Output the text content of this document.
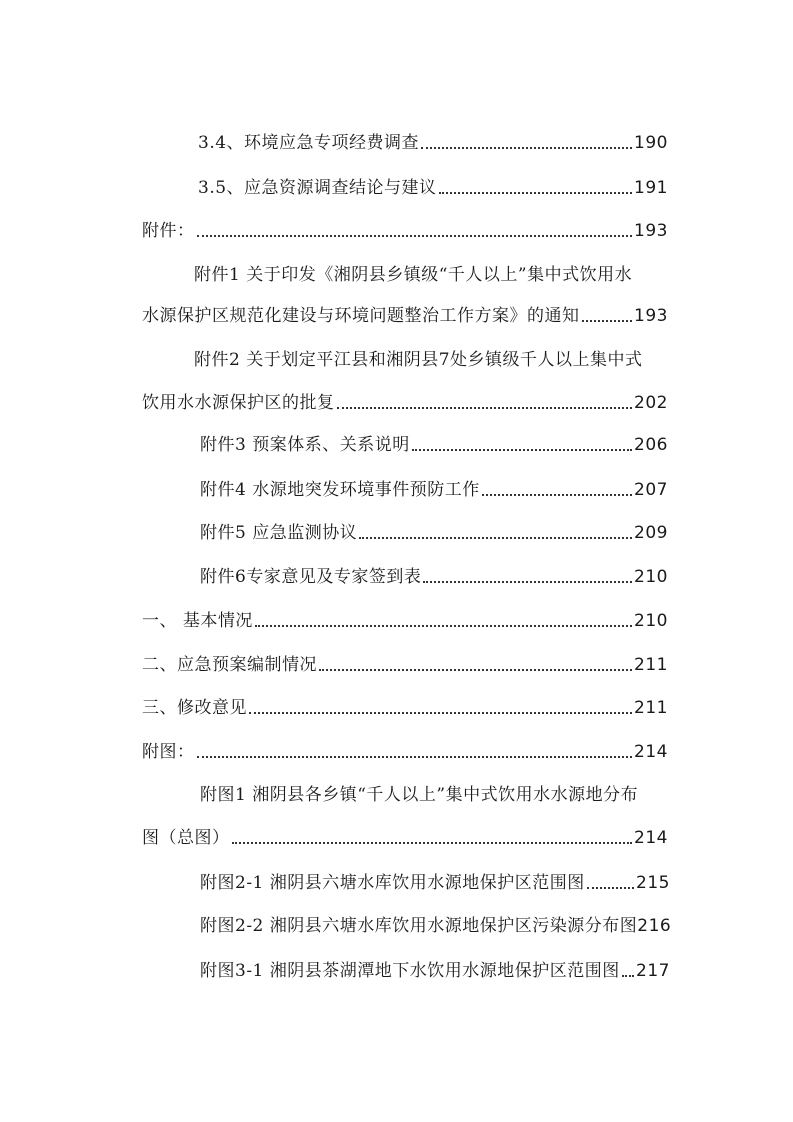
3.4、环境应急专项经费调查	190
3.5、应急资源调查结论与建议	191
附件：	193
附件1 关于印发《湘阴县乡镇级“千人以上”集中式饮用水
水源保护区规范化建设与环境问题整治工作方案》的通知	193
附件2 关于划定平江县和湘阴县7处乡镇级千人以上集中式
饮用水水源保护区的批复	202
附件3 预案体系、关系说明	206
附件4 水源地突发环境事件预防工作	207
附件5 应急监测协议	209
附件6专家意见及专家签到表	210
一、 基本情况	210
二、应急预案编制情况	211
三、修改意见	211
附图：	214
附图1 湘阴县各乡镇“千人以上”集中式饮用水水源地分布
图（总图）	214
附图2-1 湘阴县六塘水库饮用水源地保护区范围图	215
附图2-2 湘阴县六塘水库饮用水源地保护区污染源分布图 216
附图3-1 湘阴县茶湖潭地下水饮用水源地保护区范围图 217
